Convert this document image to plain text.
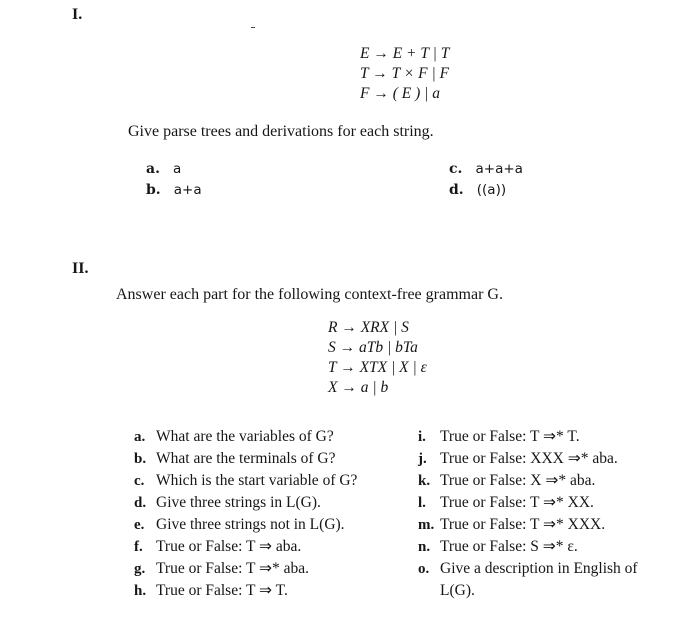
I.
E → E + T | T
T → T × F | F
F → ( E ) | a
Give parse trees and derivations for each string.
a. a
b. a+a
c. a+a+a
d. ((a))
II.
Answer each part for the following context-free grammar G.
R → XRX | S
S → aTb | bTa
T → XTX | X | ε
X → a | b
a. What are the variables of G?
b. What are the terminals of G?
c. Which is the start variable of G?
d. Give three strings in L(G).
e. Give three strings not in L(G).
f. True or False: T ⇒ aba.
g. True or False: T ⇒* aba.
h. True or False: T ⇒ T.
i. True or False: T ⇒* T.
j. True or False: XXX ⇒* aba.
k. True or False: X ⇒* aba.
l. True or False: T ⇒* XX.
m. True or False: T ⇒* XXX.
n. True or False: S ⇒* ε.
o. Give a description in English of
L(G).
